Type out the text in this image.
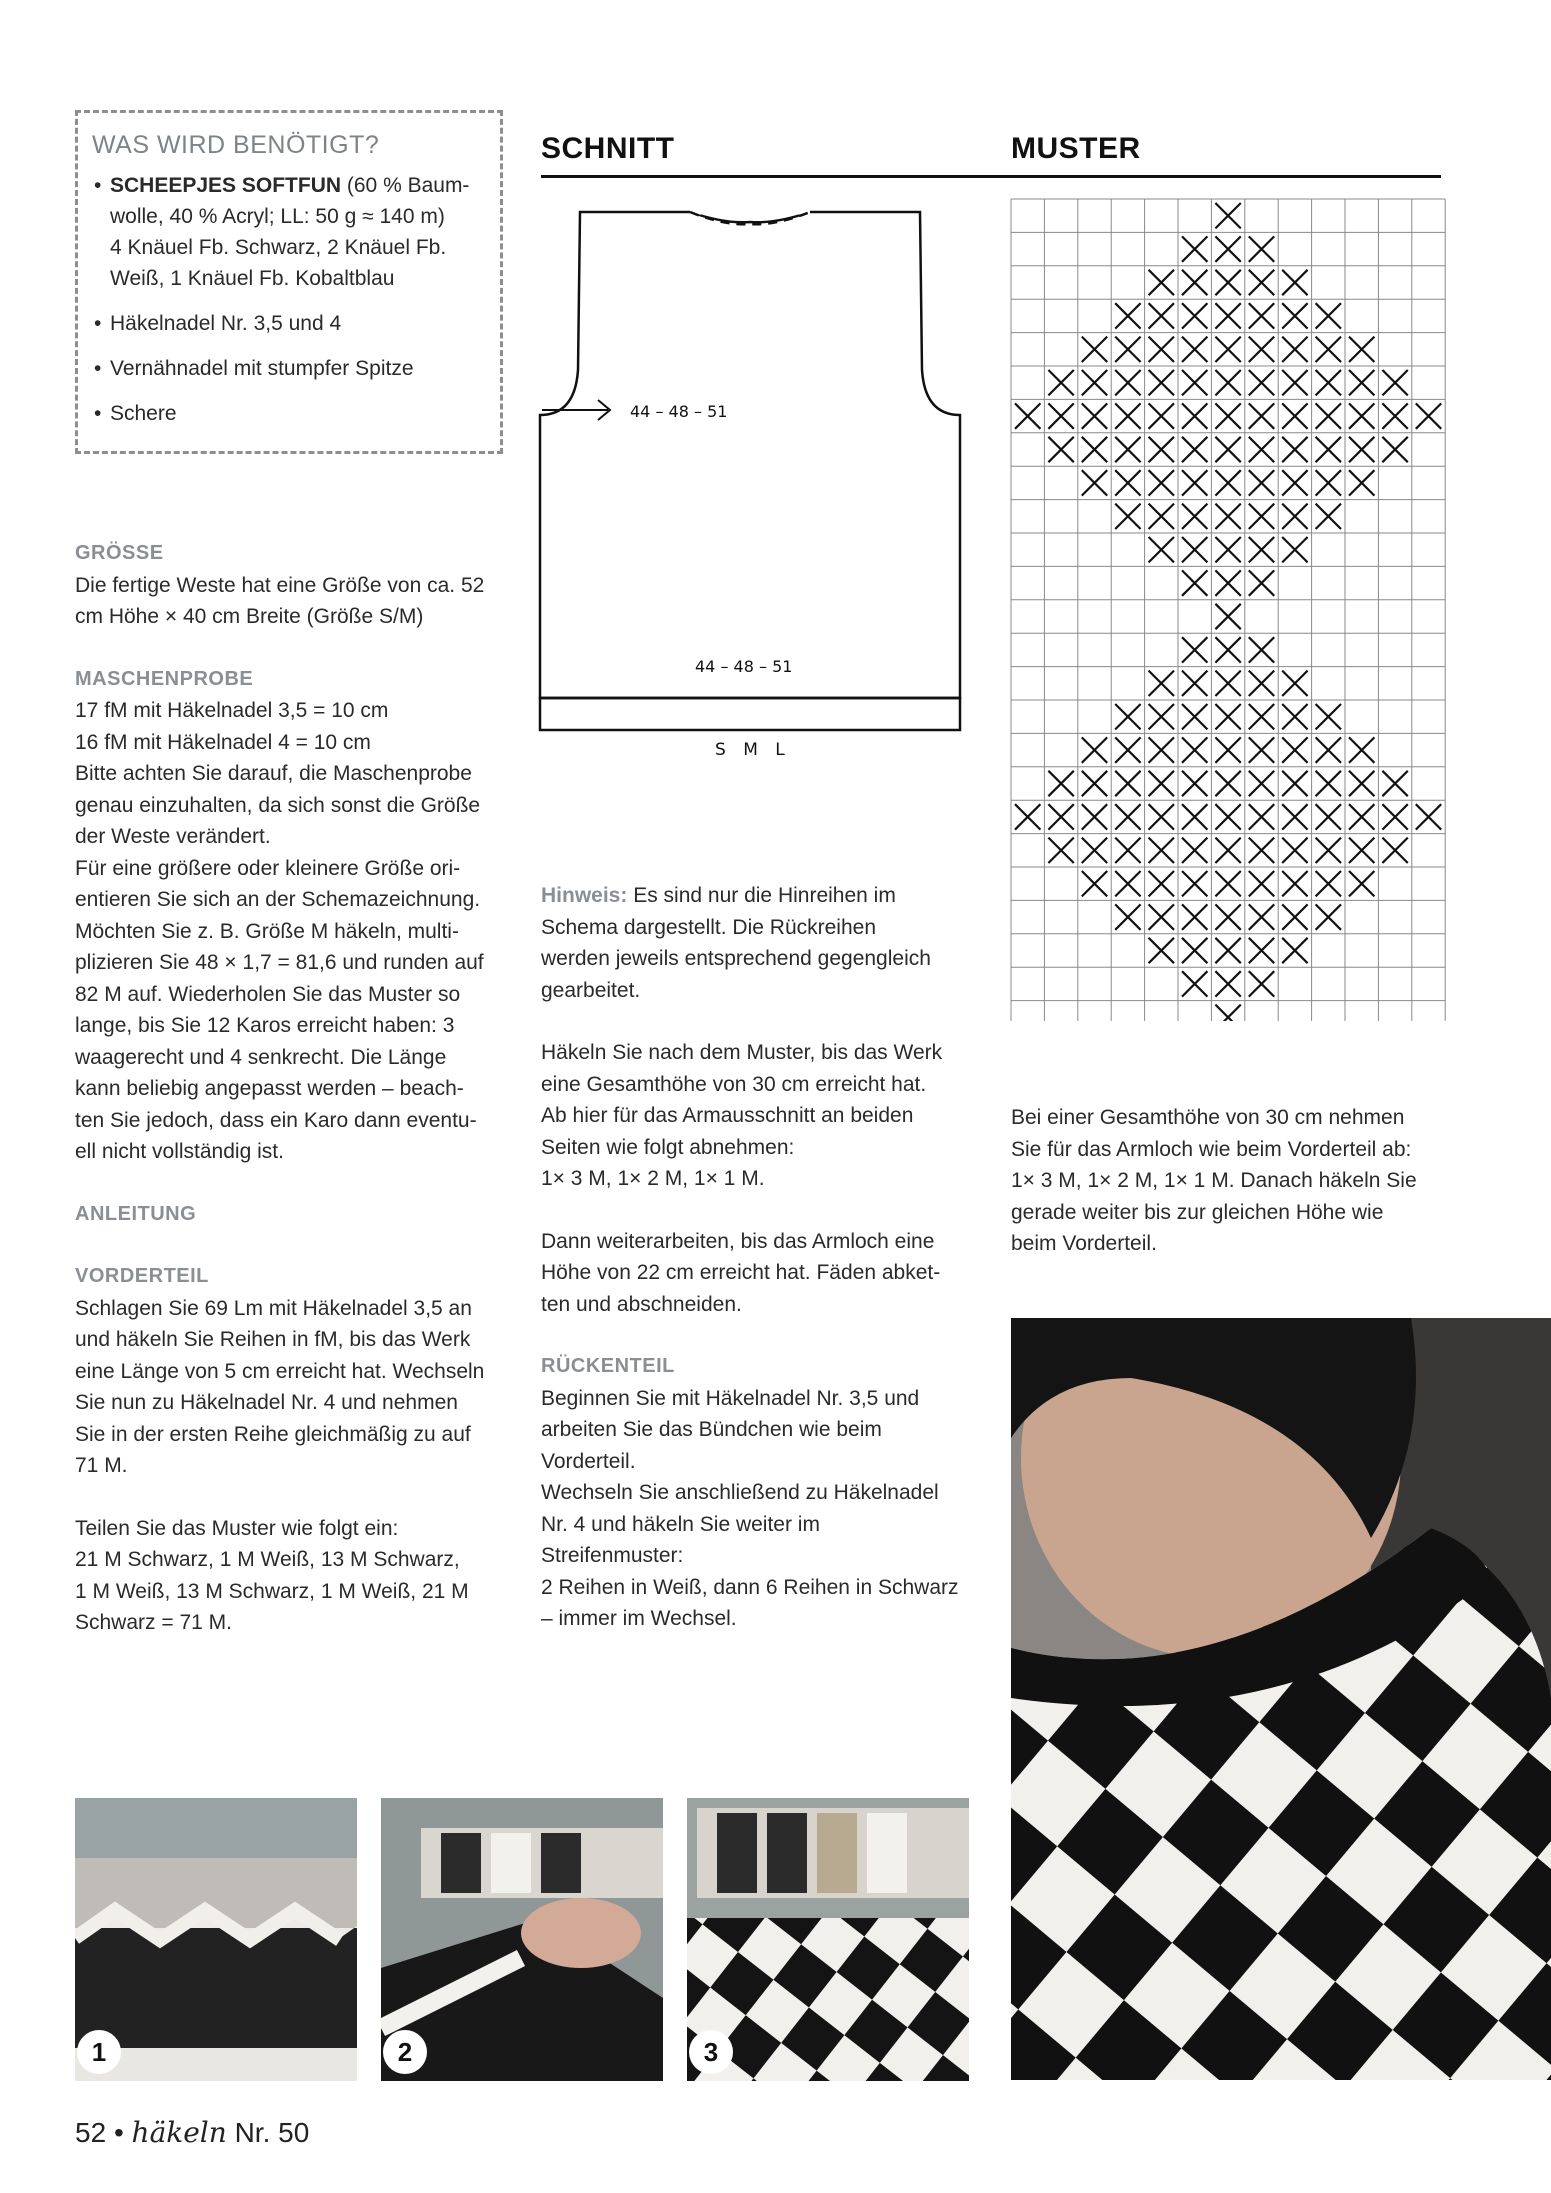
WAS WIRD BENÖTIGT?
• SCHEEPJES SOFTFUN (60 % Baum-
wolle, 40 % Acryl; LL: 50 g ≈ 140 m)
4 Knäuel Fb. Schwarz, 2 Knäuel Fb.
Weiß, 1 Knäuel Fb. Kobaltblau
• Häkelnadel Nr. 3,5 und 4
• Vernähnadel mit stumpfer Spitze
• Schere
GRÖSSE

Die fertige Weste hat eine Größe von ca. 52

cm Höhe × 40 cm Breite (Größe S/M)

MASCHENPROBE

17 fM mit Häkelnadel 3,5 = 10 cm

16 fM mit Häkelnadel 4 = 10 cm

Bitte achten Sie darauf, die Maschenprobe

genau einzuhalten, da sich sonst die Größe

der Weste verändert.

Für eine größere oder kleinere Größe ori-

entieren Sie sich an der Schemazeichnung.

Möchten Sie z. B. Größe M häkeln, multi-

plizieren Sie 48 × 1,7 = 81,6 und runden auf

82 M auf. Wiederholen Sie das Muster so

lange, bis Sie 12 Karos erreicht haben: 3

waagerecht und 4 senkrecht. Die Länge

kann beliebig angepasst werden – beach-

ten Sie jedoch, dass ein Karo dann eventu-

ell nicht vollständig ist.

ANLEITUNG
VORDERTEIL

Schlagen Sie 69 Lm mit Häkelnadel 3,5 an

und häkeln Sie Reihen in fM, bis das Werk

eine Länge von 5 cm erreicht hat. Wechseln

Sie nun zu Häkelnadel Nr. 4 und nehmen

Sie in der ersten Reihe gleichmäßig zu auf

71 M.

Teilen Sie das Muster wie folgt ein:

21 M Schwarz, 1 M Weiß, 13 M Schwarz,

1 M Weiß, 13 M Schwarz, 1 M Weiß, 21 M

Schwarz = 71 M.

SCHNITT
44 – 48 – 51
44 – 48 – 51
S M L

Hinweis: Es sind nur die Hinreihen im

Schema dargestellt. Die Rückreihen

werden jeweils entsprechend gegengleich

gearbeitet.

Häkeln Sie nach dem Muster, bis das Werk

eine Gesamthöhe von 30 cm erreicht hat.

Ab hier für das Armausschnitt an beiden

Seiten wie folgt abnehmen:

1× 3 M, 1× 2 M, 1× 1 M.

Dann weiterarbeiten, bis das Armloch eine

Höhe von 22 cm erreicht hat. Fäden abket-

ten und abschneiden.

RÜCKENTEIL

Beginnen Sie mit Häkelnadel Nr. 3,5 und

arbeiten Sie das Bündchen wie beim

Vorderteil.

Wechseln Sie anschließend zu Häkelnadel

Nr. 4 und häkeln Sie weiter im

Streifenmuster:

2 Reihen in Weiß, dann 6 Reihen in Schwarz

– immer im Wechsel.

MUSTER

Bei einer Gesamthöhe von 30 cm nehmen

Sie für das Armloch wie beim Vorderteil ab:

1× 3 M, 1× 2 M, 1× 1 M. Danach häkeln Sie

gerade weiter bis zur gleichen Höhe wie

beim Vorderteil.

1	2	3
52 • häkeln Nr. 50
